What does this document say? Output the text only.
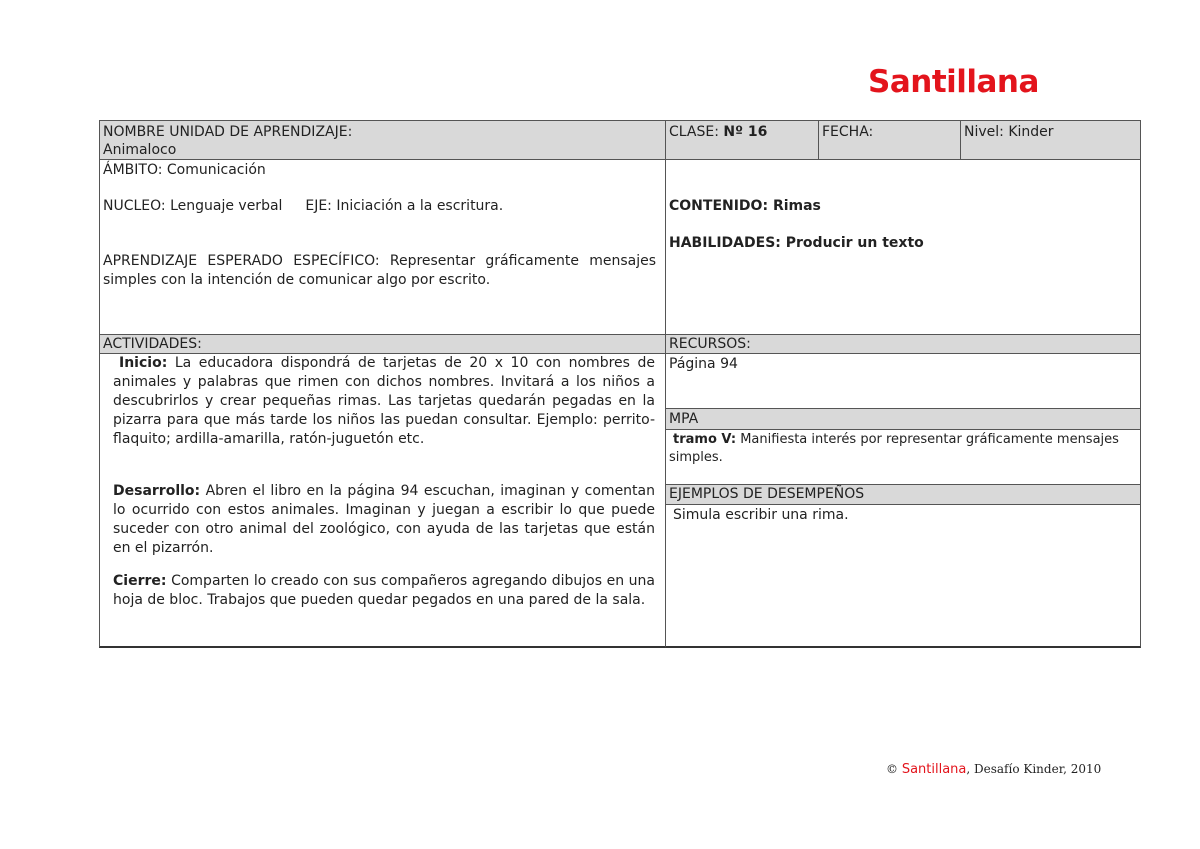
Santillana
NOMBRE UNIDAD DE APRENDIZAJE:
Animaloco
CLASE: Nº 16	FECHA:	Nivel: Kinder
ÁMBITO: Comunicación
NUCLEO: Lenguaje verbal EJE: Iniciación a la escritura.
APRENDIZAJE ESPERADO ESPECÍFICO: Representar gráficamente mensajes simples con la intención de comunicar algo por escrito.
CONTENIDO: Rimas
HABILIDADES: Producir un texto
ACTIVIDADES:
Inicio: La educadora dispondrá de tarjetas de 20 x 10 con nombres de animales y palabras que rimen con dichos nombres. Invitará a los niños a descubrirlos y crear pequeñas rimas. Las tarjetas quedarán pegadas en la pizarra para que más tarde los niños las puedan consultar. Ejemplo: perrito-flaquito; ardilla-amarilla, ratón-juguetón etc.
Desarrollo: Abren el libro en la página 94 escuchan, imaginan y comentan lo ocurrido con estos animales. Imaginan y juegan a escribir lo que puede suceder con otro animal del zoológico, con ayuda de las tarjetas que están en el pizarrón.
Cierre: Comparten lo creado con sus compañeros agregando dibujos en una hoja de bloc. Trabajos que pueden quedar pegados en una pared de la sala.
RECURSOS:
Página 94
MPA
tramo V: Manifiesta interés por representar gráficamente mensajes simples.
EJEMPLOS DE DESEMPEÑOS
Simula escribir una rima.
© Santillana, Desafío Kinder, 2010
